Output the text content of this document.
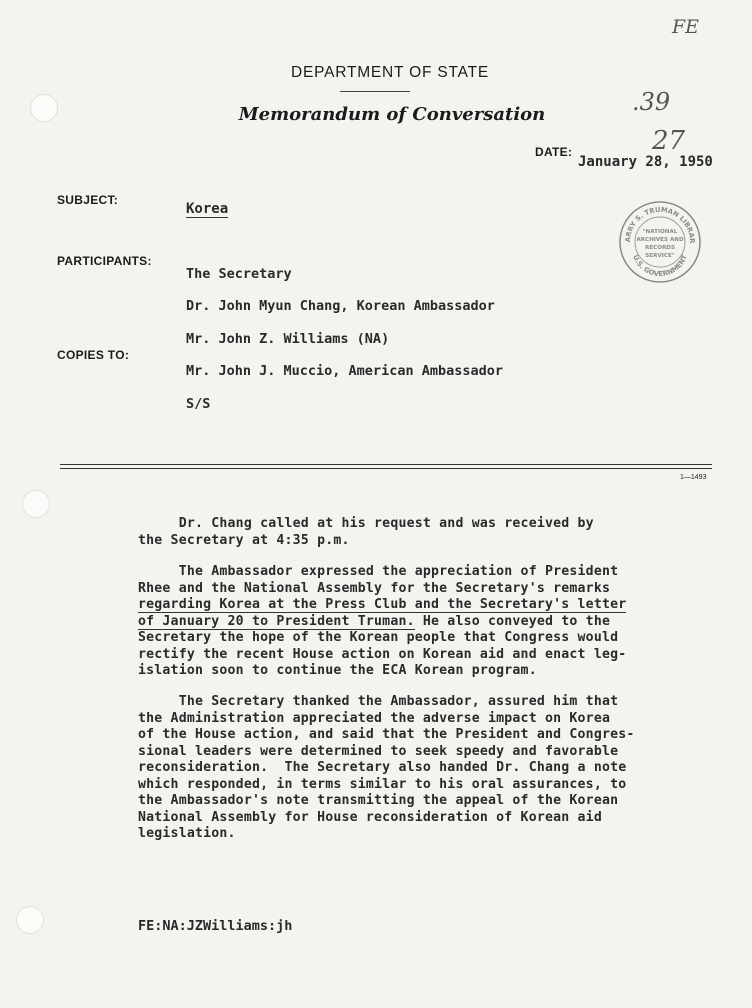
FE
.39
27
DEPARTMENT OF STATE
Memorandum of Conversation
DATE:
January 28, 1950
ARRY S. TRUMAN LIBRAR
U.S. GOVERNMENT
"NATIONAL
ARCHIVES AND
RECORDS
SERVICE"
SUBJECT:
Korea
PARTICIPANTS:
The Secretary
Dr. John Myun Chang, Korean Ambassador
Mr. John Z. Williams (NA)
COPIES TO:
Mr. John J. Muccio, American Ambassador
S/S
1—1493
Dr. Chang called at his request and was received by
the Secretary at 4:35 p.m.
The Ambassador expressed the appreciation of President
Rhee and the National Assembly for the Secretary's remarks
regarding Korea at the Press Club and the Secretary's letter
of January 20 to President Truman. He also conveyed to the
Secretary the hope of the Korean people that Congress would
rectify the recent House action on Korean aid and enact leg-
islation soon to continue the ECA Korean program.
The Secretary thanked the Ambassador, assured him that
the Administration appreciated the adverse impact on Korea
of the House action, and said that the President and Congres-
sional leaders were determined to seek speedy and favorable
reconsideration.  The Secretary also handed Dr. Chang a note
which responded, in terms similar to his oral assurances, to
the Ambassador's note transmitting the appeal of the Korean
National Assembly for House reconsideration of Korean aid
legislation.
FE:NA:JZWilliams:jh
